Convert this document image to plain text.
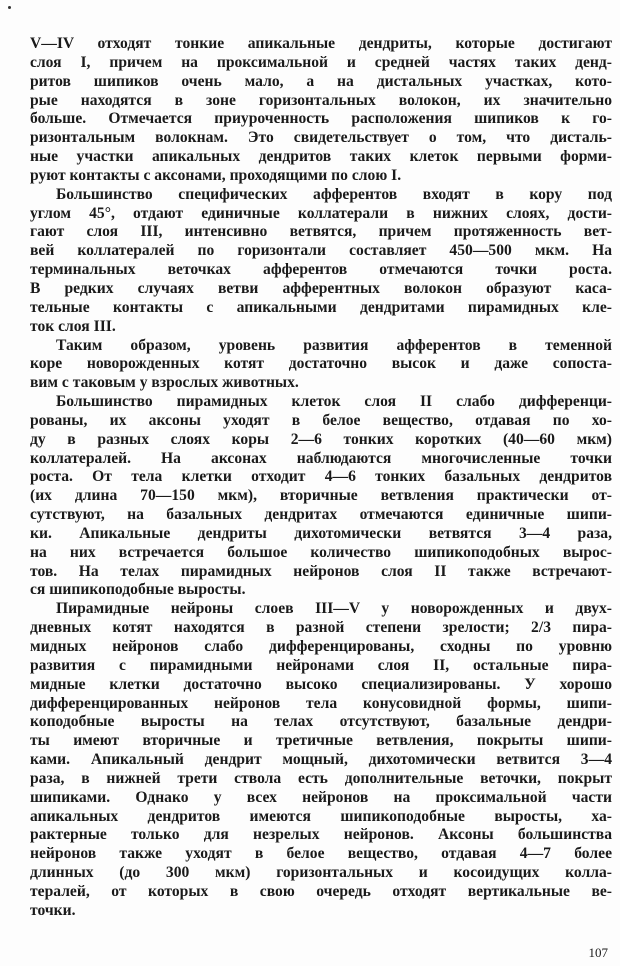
V—IV отходят тонкие апикальные дендриты, которые достигают
слоя I, причем на проксимальной и средней частях таких денд-
ритов шипиков очень мало, а на дистальных участках, кото-
рые находятся в зоне горизонтальных волокон, их значительно
больше. Отмечается приуроченность расположения шипиков к го-
ризонтальным волокнам. Это свидетельствует о том, что дисталь-
ные участки апикальных дендритов таких клеток первыми форми-
руют контакты с аксонами, проходящими по слою I.
Большинство специфических афферентов входят в кору под
углом 45°, отдают единичные коллатерали в нижних слоях, дости-
гают слоя III, интенсивно ветвятся, причем протяженность вет-
вей коллатералей по горизонтали составляет 450—500 мкм. На
терминальных веточках афферентов отмечаются точки роста.
В редких случаях ветви афферентных волокон образуют каса-
тельные контакты с апикальными дендритами пирамидных кле-
ток слоя III.
Таким образом, уровень развития афферентов в теменной
коре новорожденных котят достаточно высок и даже сопоста-
вим с таковым у взрослых животных.
Большинство пирамидных клеток слоя II слабо дифференци-
рованы, их аксоны уходят в белое вещество, отдавая по хо-
ду в разных слоях коры 2—6 тонких коротких (40—60 мкм)
коллатералей. На аксонах наблюдаются многочисленные точки
роста. От тела клетки отходит 4—6 тонких базальных дендритов
(их длина 70—150 мкм), вторичные ветвления практически от-
сутствуют, на базальных дендритах отмечаются единичные шипи-
ки. Апикальные дендриты дихотомически ветвятся 3—4 раза,
на них встречается большое количество шипикоподобных вырос-
тов. На телах пирамидных нейронов слоя II также встречают-
ся шипикоподобные выросты.
Пирамидные нейроны слоев III—V у новорожденных и двух-
дневных котят находятся в разной степени зрелости; 2/3 пира-
мидных нейронов слабо дифференцированы, сходны по уровню
развития с пирамидными нейронами слоя II, остальные пира-
мидные клетки достаточно высоко специализированы. У хорошо
дифференцированных нейронов тела конусовидной формы, шипи-
коподобные выросты на телах отсутствуют, базальные дендри-
ты имеют вторичные и третичные ветвления, покрыты шипи-
ками. Апикальный дендрит мощный, дихотомически ветвится 3—4
раза, в нижней трети ствола есть дополнительные веточки, покрыт
шипиками. Однако у всех нейронов на проксимальной части
апикальных дендритов имеются шипикоподобные выросты, ха-
рактерные только для незрелых нейронов. Аксоны большинства
нейронов также уходят в белое вещество, отдавая 4—7 более
длинных (до 300 мкм) горизонтальных и косоидущих колла-
тералей, от которых в свою очередь отходят вертикальные ве-
точки.
107
